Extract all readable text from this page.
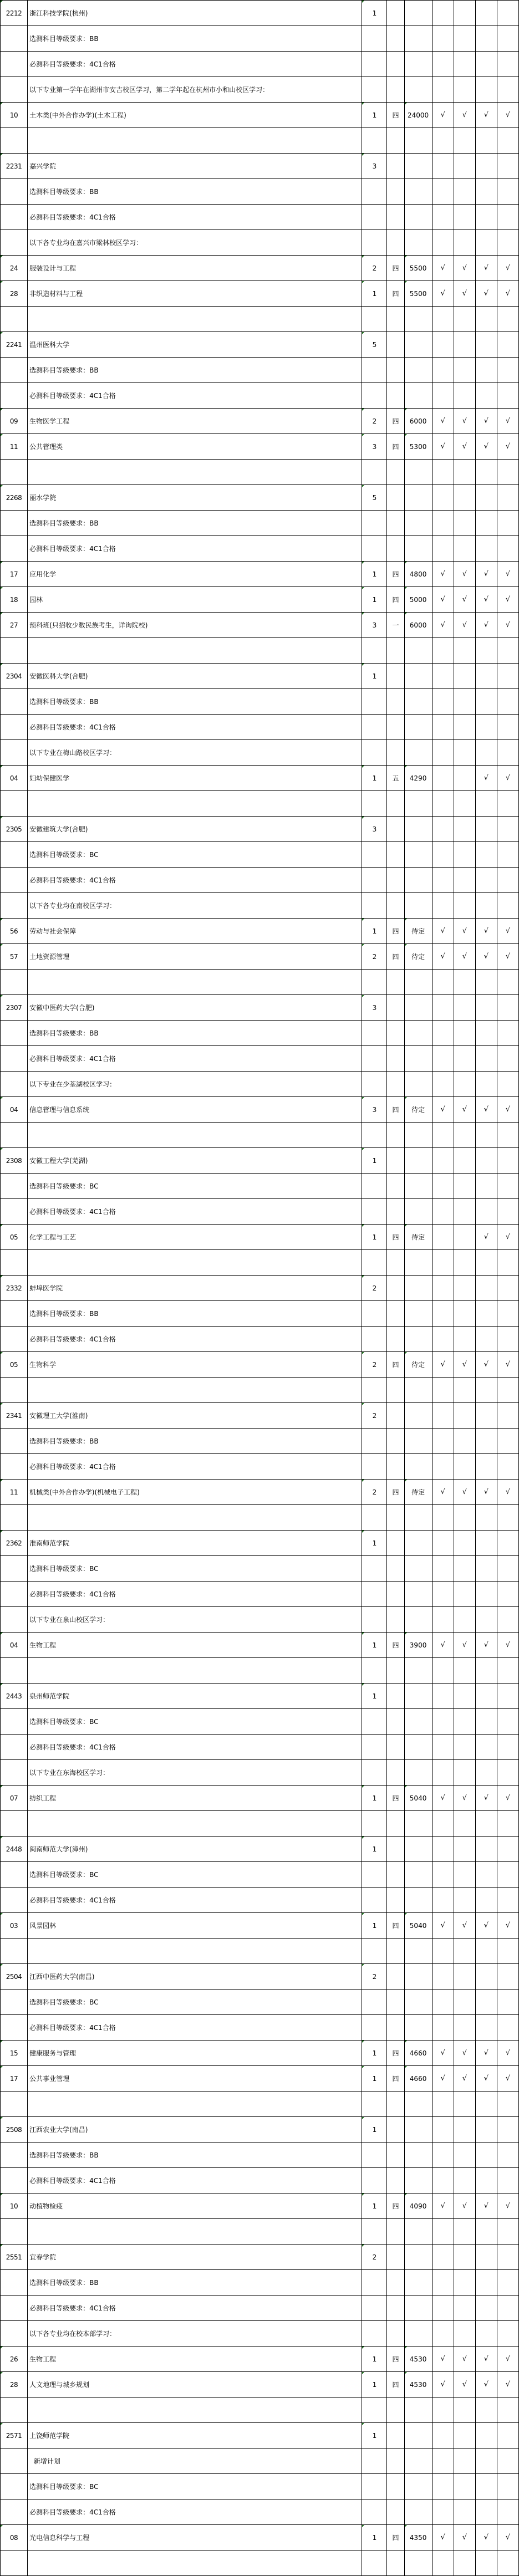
2212	浙江科技学院(杭州)	1						
	选测科目等级要求：BB							
	必测科目等级要求：4C1合格							
	以下专业第一学年在湖州市安吉校区学习，第二学年起在杭州市小和山校区学习：							
10	土木类(中外合作办学)(土木工程)	1	四	24000	√	√	√	√

2231	嘉兴学院	3						
	选测科目等级要求：BB							
	必测科目等级要求：4C1合格							
	以下各专业均在嘉兴市梁林校区学习：							
24	服装设计与工程	2	四	5500	√	√	√	√
28	非织造材料与工程	1	四	5500	√	√	√	√

2241	温州医科大学	5						
	选测科目等级要求：BB							
	必测科目等级要求：4C1合格							
09	生物医学工程	2	四	6000	√	√	√	√
11	公共管理类	3	四	5300	√	√	√	√

2268	丽水学院	5						
	选测科目等级要求：BB							
	必测科目等级要求：4C1合格							
17	应用化学	1	四	4800	√	√	√	√
18	园林	1	四	5000	√	√	√	√
27	预科班(只招收少数民族考生，详询院校)	3	一	6000	√	√	√	√

2304	安徽医科大学(合肥)	1						
	选测科目等级要求：BB							
	必测科目等级要求：4C1合格							
	以下专业在梅山路校区学习：							
04	妇幼保健医学	1	五	4290			√	√

2305	安徽建筑大学(合肥)	3						
	选测科目等级要求：BC							
	必测科目等级要求：4C1合格							
	以下各专业均在南校区学习：							
56	劳动与社会保障	1	四	待定	√	√	√	√
57	土地资源管理	2	四	待定	√	√	√	√

2307	安徽中医药大学(合肥)	3						
	选测科目等级要求：BB							
	必测科目等级要求：4C1合格							
	以下专业在少荃湖校区学习：							
04	信息管理与信息系统	3	四	待定	√	√	√	√

2308	安徽工程大学(芜湖)	1						
	选测科目等级要求：BC							
	必测科目等级要求：4C1合格							
05	化学工程与工艺	1	四	待定			√	√

2332	蚌埠医学院	2						
	选测科目等级要求：BB							
	必测科目等级要求：4C1合格							
05	生物科学	2	四	待定	√	√	√	√

2341	安徽理工大学(淮南)	2						
	选测科目等级要求：BB							
	必测科目等级要求：4C1合格							
11	机械类(中外合作办学)(机械电子工程)	2	四	待定	√	√	√	√

2362	淮南师范学院	1						
	选测科目等级要求：BC							
	必测科目等级要求：4C1合格							
	以下专业在泉山校区学习：							
04	生物工程	1	四	3900	√	√	√	√

2443	泉州师范学院	1						
	选测科目等级要求：BC							
	必测科目等级要求：4C1合格							
	以下专业在东海校区学习：							
07	纺织工程	1	四	5040	√	√	√	√

2448	闽南师范大学(漳州)	1						
	选测科目等级要求：BC							
	必测科目等级要求：4C1合格							
03	风景园林	1	四	5040	√	√	√	√

2504	江西中医药大学(南昌)	2						
	选测科目等级要求：BC							
	必测科目等级要求：4C1合格							
15	健康服务与管理	1	四	4660	√	√	√	√
17	公共事业管理	1	四	4660	√	√	√	√

2508	江西农业大学(南昌)	1						
	选测科目等级要求：BB							
	必测科目等级要求：4C1合格							
10	动植物检疫	1	四	4090	√	√	√	√

2551	宜春学院	2						
	选测科目等级要求：BB							
	必测科目等级要求：4C1合格							
	以下各专业均在校本部学习：							
26	生物工程	1	四	4530	√	√	√	√
28	人文地理与城乡规划	1	四	4530	√	√	√	√

2571	上饶师范学院	1						
	新增计划							
	选测科目等级要求：BC							
	必测科目等级要求：4C1合格							
08	光电信息科学与工程	1	四	4350	√	√	√	√
